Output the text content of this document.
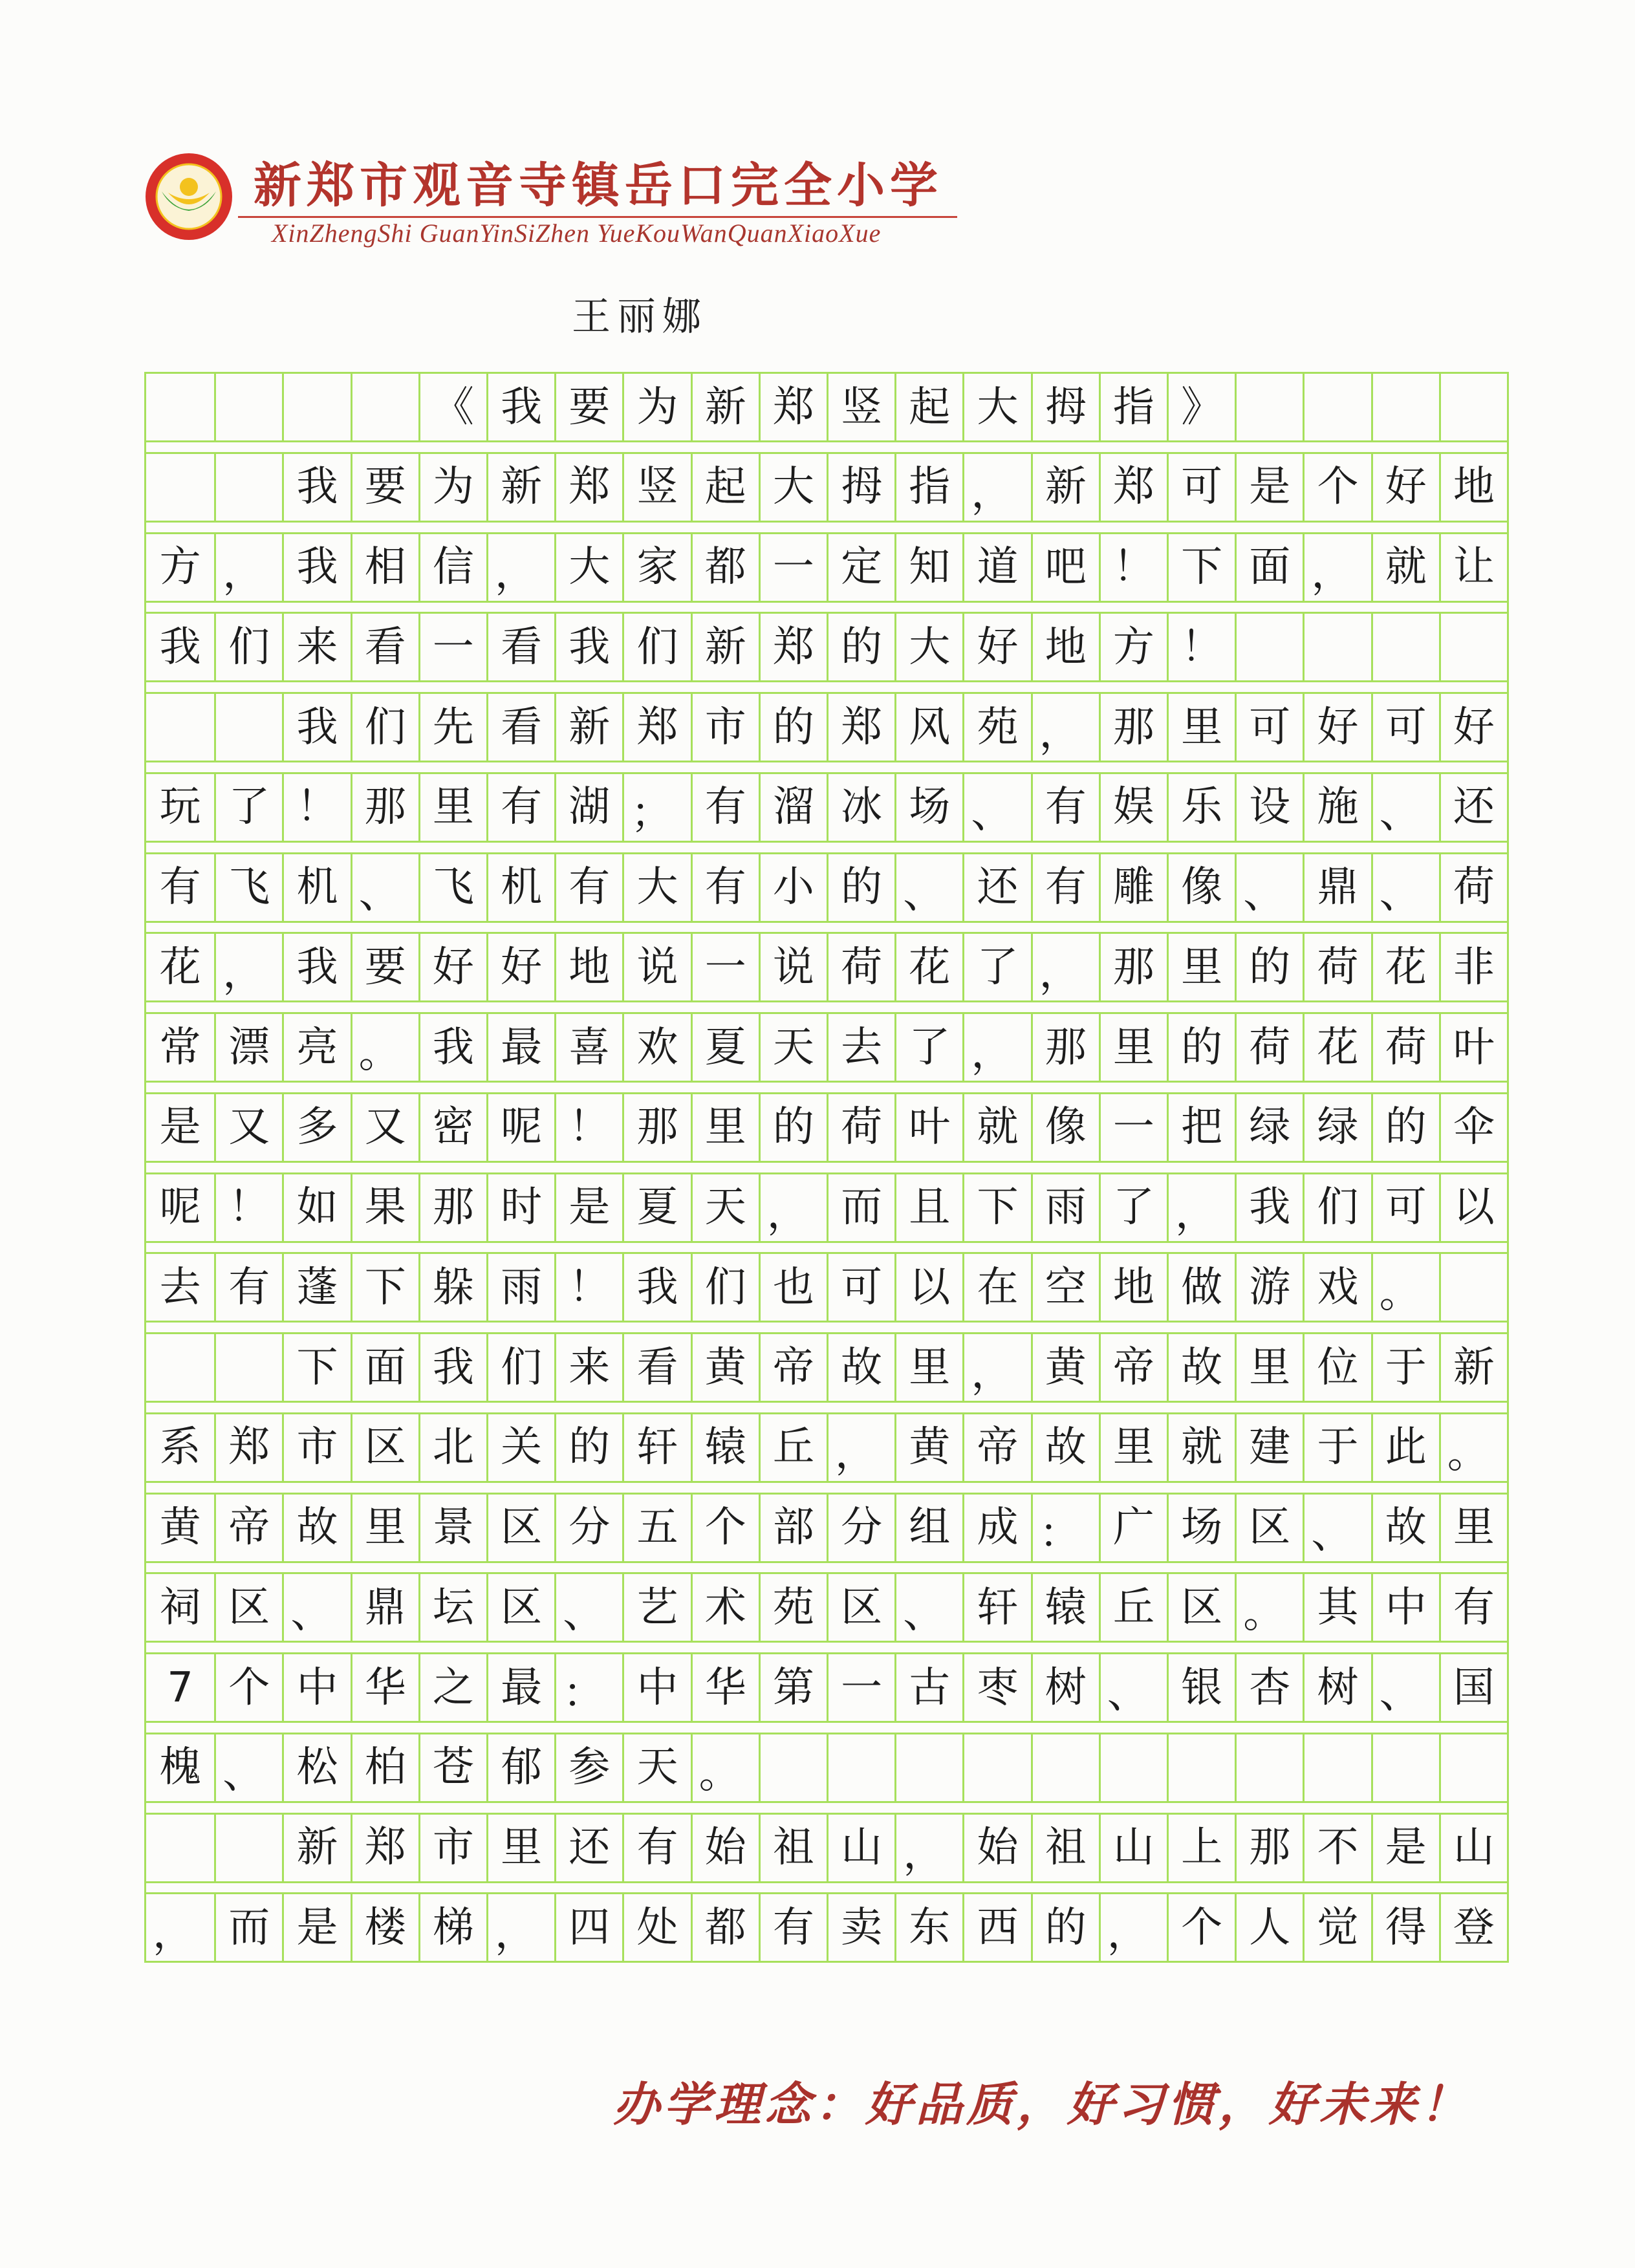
新郑市观音寺镇岳口完全小学
XinZhengShi GuanYinSiZhen YueKouWanQuanXiaoXue
王丽娜
《 我 要 为 新 郑 竖 起 大 拇 指 》
我 要 为 新 郑 竖 起 大 拇 指 ， 新 郑 可 是 个 好 地
方 ， 我 相 信 ， 大 家 都 一 定 知 道 吧 ！ 下 面 ， 就 让
我 们 来 看 一 看 我 们 新 郑 的 大 好 地 方 ！
我 们 先 看 新 郑 市 的 郑 风 苑 ， 那 里 可 好 可 好
玩 了 ！ 那 里 有 湖 ； 有 溜 冰 场 、 有 娱 乐 设 施 、 还
有 飞 机 、 飞 机 有 大 有 小 的 、 还 有 雕 像 、 鼎 、 荷
花 ， 我 要 好 好 地 说 一 说 荷 花 了 ， 那 里 的 荷 花 非
常 漂 亮 。 我 最 喜 欢 夏 天 去 了 ， 那 里 的 荷 花 荷 叶
是 又 多 又 密 呢 ！ 那 里 的 荷 叶 就 像 一 把 绿 绿 的 伞
呢 ！ 如 果 那 时 是 夏 天 ， 而 且 下 雨 了 ， 我 们 可 以
去 有 蓬 下 躲 雨 ！ 我 们 也 可 以 在 空 地 做 游 戏 。
下 面 我 们 来 看 黄 帝 故 里 ， 黄 帝 故 里 位 于 新
系 郑 市 区 北 关 的 轩 辕 丘 ， 黄 帝 故 里 就 建 于 此 。
黄 帝 故 里 景 区 分 五 个 部 分 组 成 ： 广 场 区 、 故 里
祠 区 、 鼎 坛 区 、 艺 术 苑 区 、 轩 辕 丘 区 。 其 中 有
7 个 中 华 之 最 ： 中 华 第 一 古 枣 树 、 银 杏 树 、 国
槐 、 松 柏 苍 郁 参 天 。
新 郑 市 里 还 有 始 祖 山 ， 始 祖 山 上 那 不 是 山
， 而 是 楼 梯 ， 四 处 都 有 卖 东 西 的 ， 个 人 觉 得 登
办学理念：好品质，好习惯，好未来！
